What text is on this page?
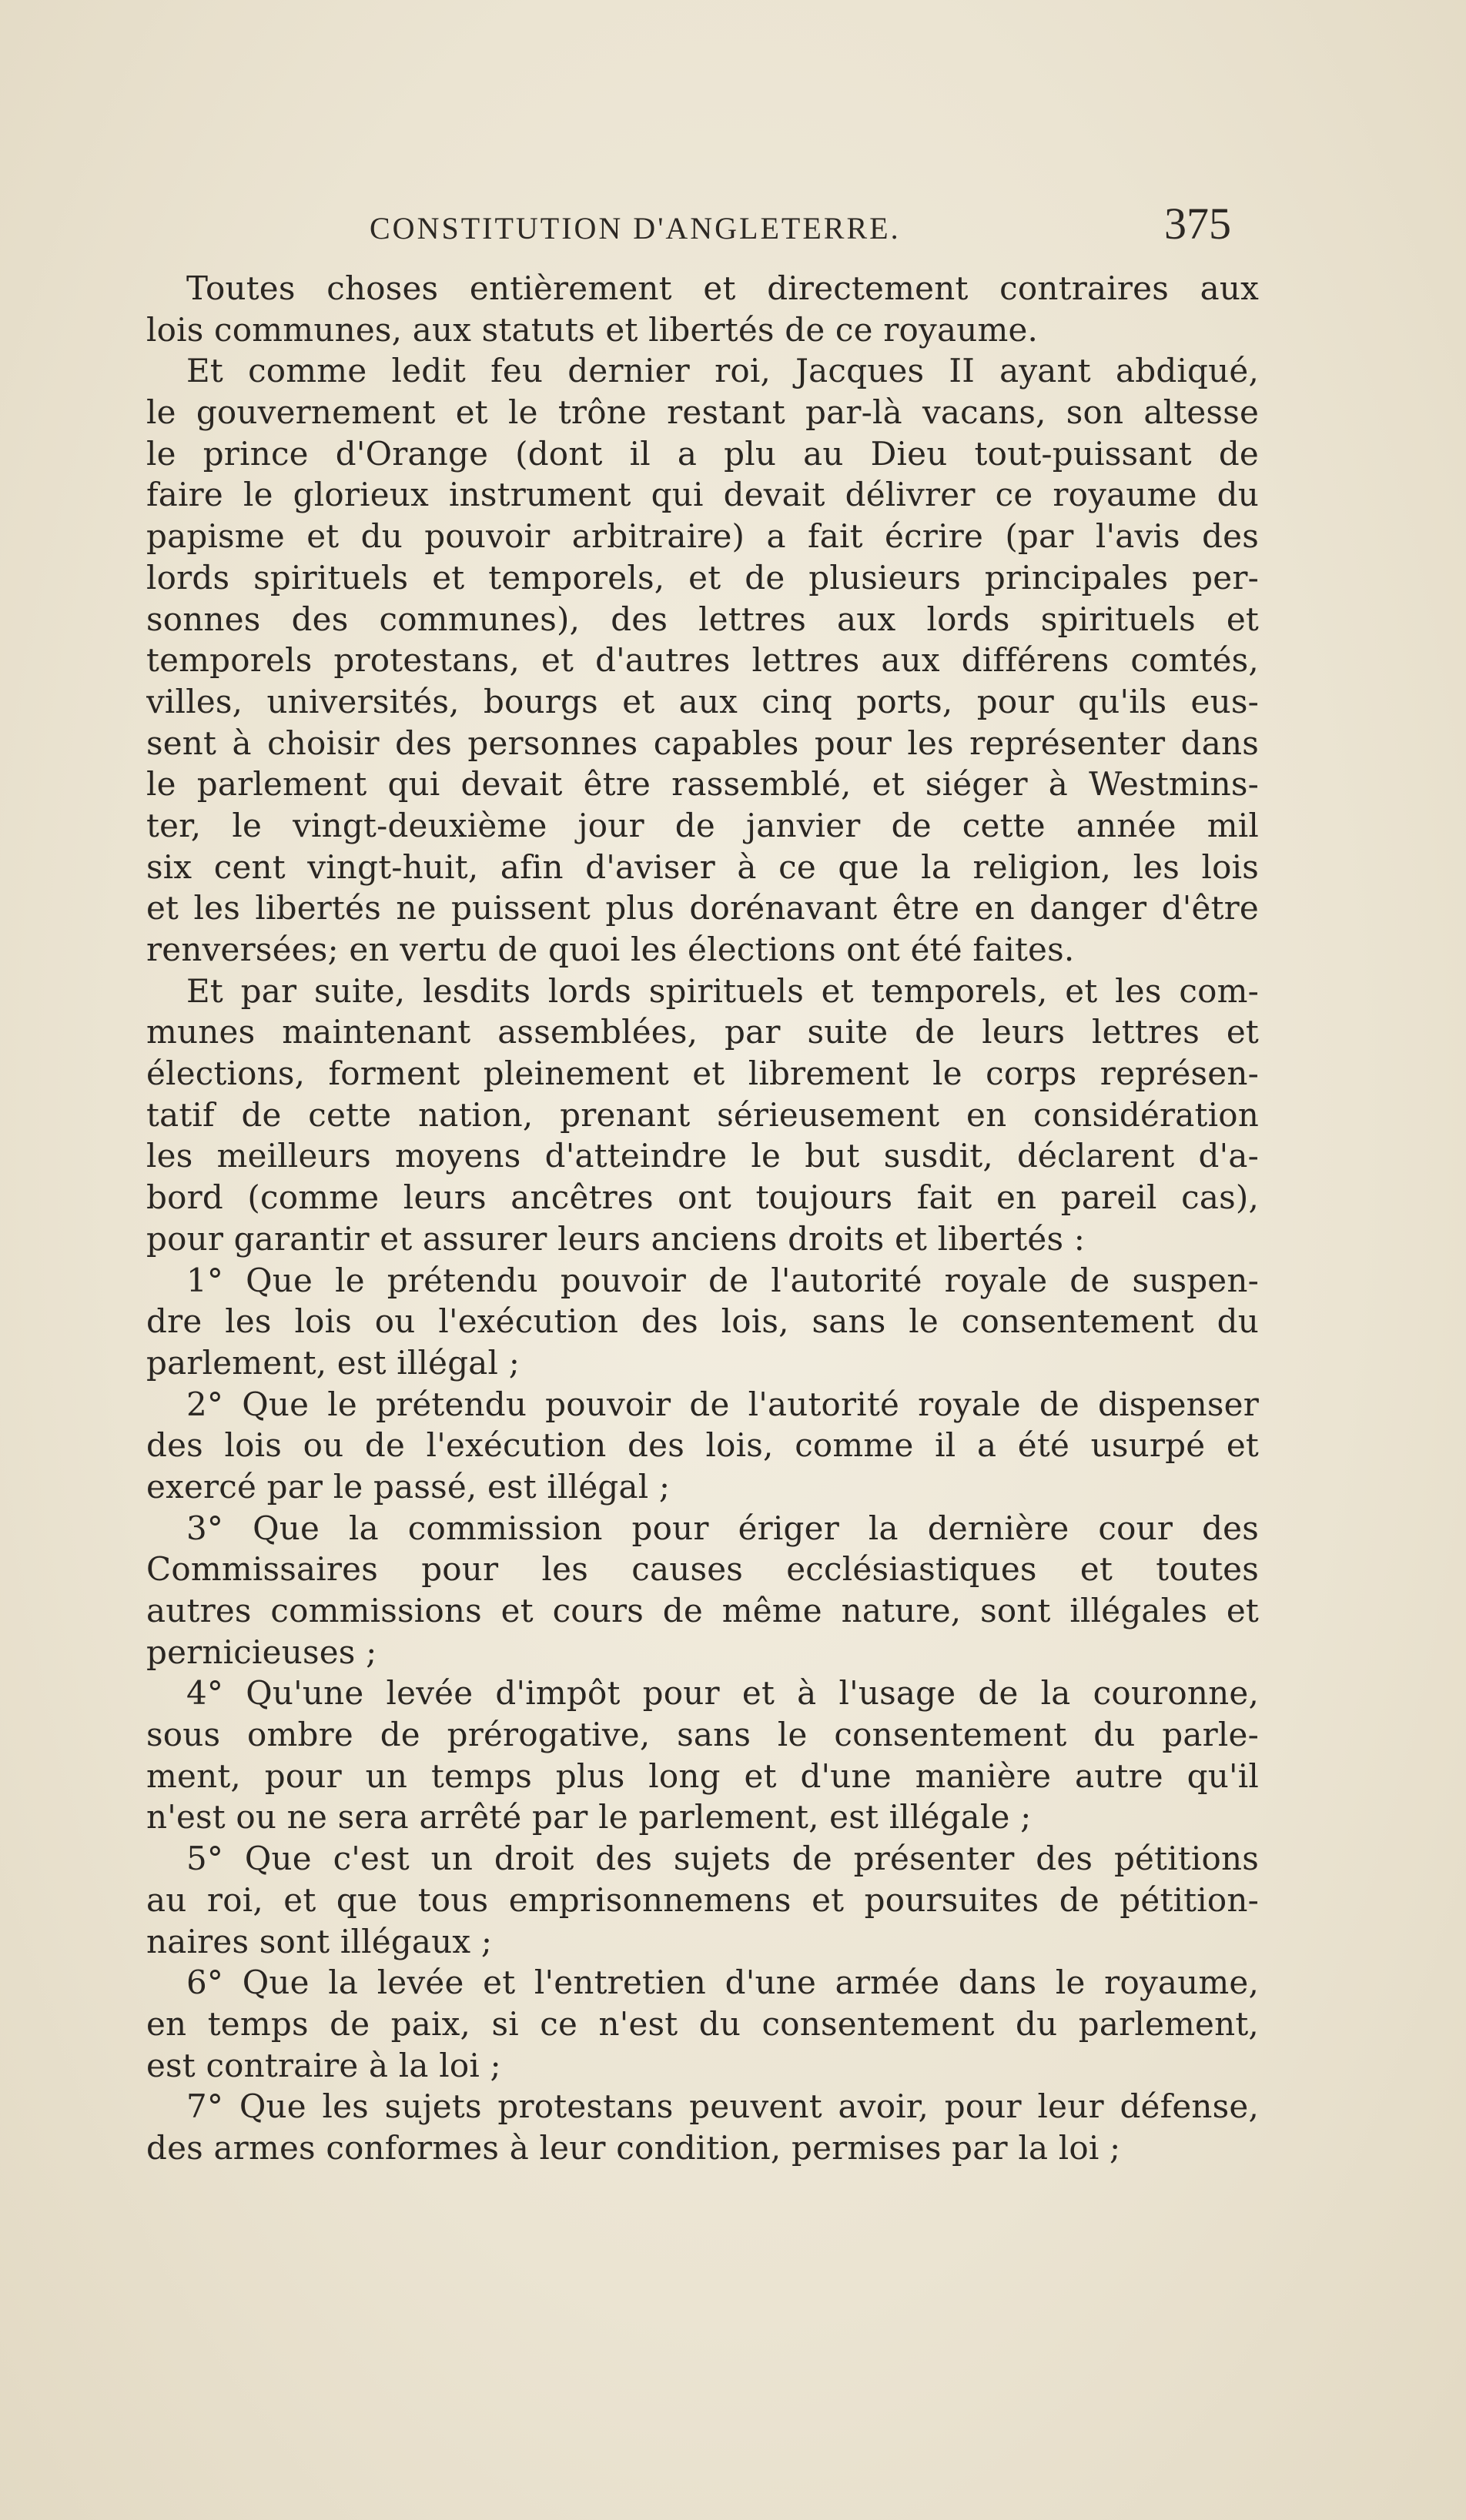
CONSTITUTION D'ANGLETERRE.	375
Toutes choses entièrement et directement contraires aux
lois communes, aux statuts et libertés de ce royaume.
Et comme ledit feu dernier roi, Jacques II ayant abdiqué,
le gouvernement et le trône restant par-là vacans, son altesse
le prince d'Orange (dont il a plu au Dieu tout-puissant de
faire le glorieux instrument qui devait délivrer ce royaume du
papisme et du pouvoir arbitraire) a fait écrire (par l'avis des
lords spirituels et temporels, et de plusieurs principales per-
sonnes des communes), des lettres aux lords spirituels et
temporels protestans, et d'autres lettres aux différens comtés,
villes, universités, bourgs et aux cinq ports, pour qu'ils eus-
sent à choisir des personnes capables pour les représenter dans
le parlement qui devait être rassemblé, et siéger à Westmins-
ter, le vingt-deuxième jour de janvier de cette année mil
six cent vingt-huit, afin d'aviser à ce que la religion, les lois
et les libertés ne puissent plus dorénavant être en danger d'être
renversées; en vertu de quoi les élections ont été faites.
Et par suite, lesdits lords spirituels et temporels, et les com-
munes maintenant assemblées, par suite de leurs lettres et
élections, forment pleinement et librement le corps représen-
tatif de cette nation, prenant sérieusement en considération
les meilleurs moyens d'atteindre le but susdit, déclarent d'a-
bord (comme leurs ancêtres ont toujours fait en pareil cas),
pour garantir et assurer leurs anciens droits et libertés :
1° Que le prétendu pouvoir de l'autorité royale de suspen-
dre les lois ou l'exécution des lois, sans le consentement du
parlement, est illégal ;
2° Que le prétendu pouvoir de l'autorité royale de dispenser
des lois ou de l'exécution des lois, comme il a été usurpé et
exercé par le passé, est illégal ;
3° Que la commission pour ériger la dernière cour des
Commissaires pour les causes ecclésiastiques et toutes
autres commissions et cours de même nature, sont illégales et
pernicieuses ;
4° Qu'une levée d'impôt pour et à l'usage de la couronne,
sous ombre de prérogative, sans le consentement du parle-
ment, pour un temps plus long et d'une manière autre qu'il
n'est ou ne sera arrêté par le parlement, est illégale ;
5° Que c'est un droit des sujets de présenter des pétitions
au roi, et que tous emprisonnemens et poursuites de pétition-
naires sont illégaux ;
6° Que la levée et l'entretien d'une armée dans le royaume,
en temps de paix, si ce n'est du consentement du parlement,
est contraire à la loi ;
7° Que les sujets protestans peuvent avoir, pour leur défense,
des armes conformes à leur condition, permises par la loi ;
